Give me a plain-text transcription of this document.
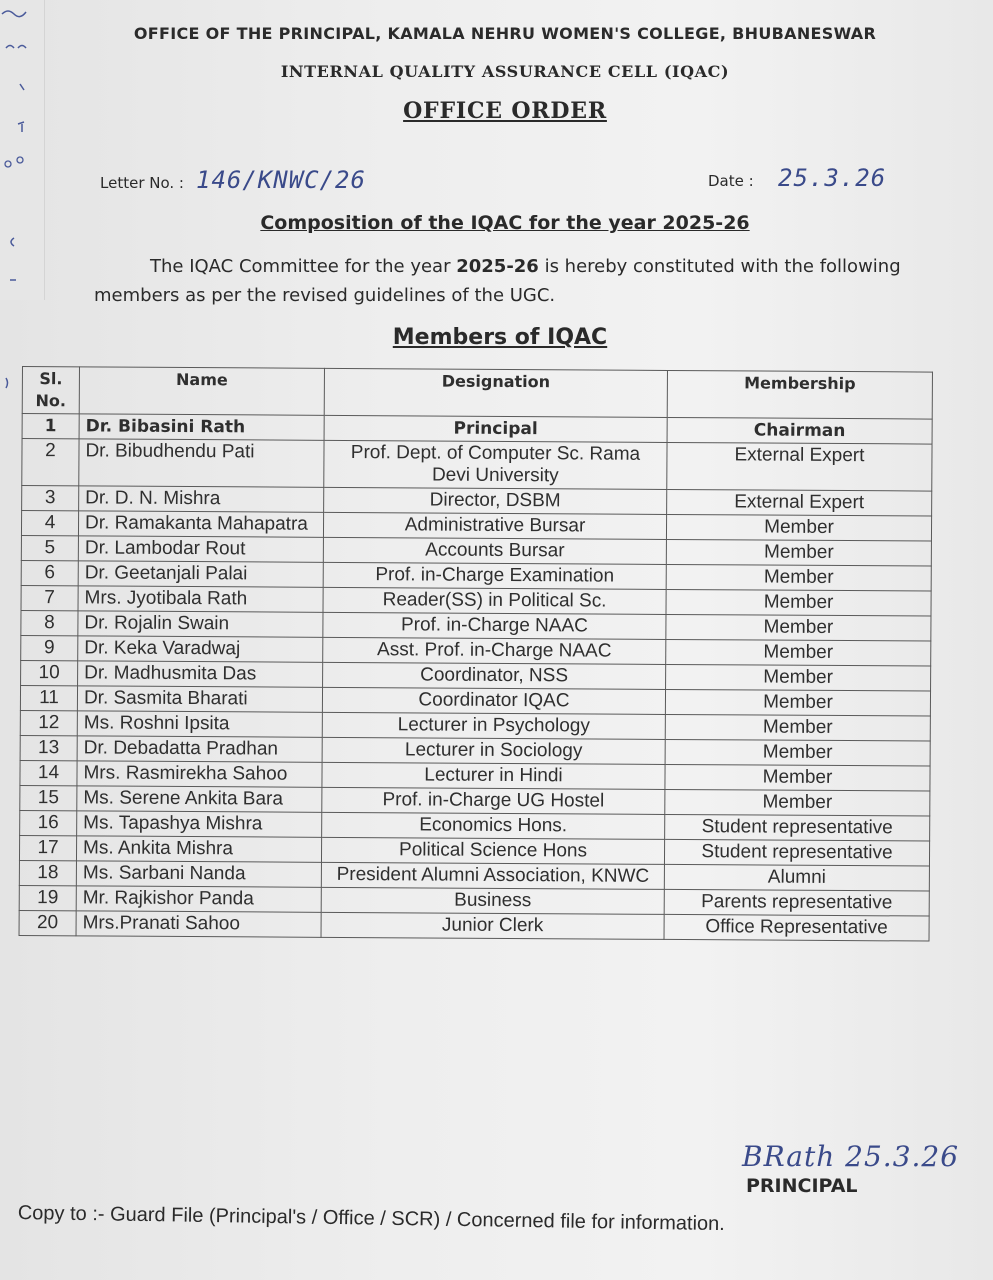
OFFICE OF THE PRINCIPAL, KAMALA NEHRU WOMEN'S COLLEGE, BHUBANESWAR
INTERNAL QUALITY ASSURANCE CELL (IQAC)
OFFICE ORDER
Letter No. : 146/KNWC/26	Date : 25.3.26
Composition of the IQAC for the year 2025-26
The IQAC Committee for the year 2025-26 is hereby constituted with the following members as per the revised guidelines of the UGC.
Members of IQAC
Sl. No.	Name	Designation	Membership
1	Dr. Bibasini Rath	Principal	Chairman
2	Dr. Bibudhendu Pati	Prof. Dept. of Computer Sc. Rama Devi University	External Expert
3	Dr. D. N. Mishra	Director, DSBM	External Expert
4	Dr. Ramakanta Mahapatra	Administrative Bursar	Member
5	Dr. Lambodar Rout	Accounts Bursar	Member
6	Dr. Geetanjali Palai	Prof. in-Charge Examination	Member
7	Mrs. Jyotibala Rath	Reader(SS) in Political Sc.	Member
8	Dr. Rojalin Swain	Prof. in-Charge NAAC	Member
9	Dr. Keka Varadwaj	Asst. Prof. in-Charge NAAC	Member
10	Dr. Madhusmita Das	Coordinator, NSS	Member
11	Dr. Sasmita Bharati	Coordinator IQAC	Member
12	Ms. Roshni Ipsita	Lecturer in Psychology	Member
13	Dr. Debadatta Pradhan	Lecturer in Sociology	Member
14	Mrs. Rasmirekha Sahoo	Lecturer in Hindi	Member
15	Ms. Serene Ankita Bara	Prof. in-Charge UG Hostel	Member
16	Ms. Tapashya Mishra	Economics Hons.	Student representative
17	Ms. Ankita Mishra	Political Science Hons	Student representative
18	Ms. Sarbani Nanda	President Alumni Association, KNWC	Alumni
19	Mr. Rajkishor Panda	Business	Parents representative
20	Mrs.Pranati Sahoo	Junior Clerk	Office Representative
BRath 25.3.26
PRINCIPAL
Copy to :- Guard File (Principal's / Office / SCR) / Concerned file for information.
